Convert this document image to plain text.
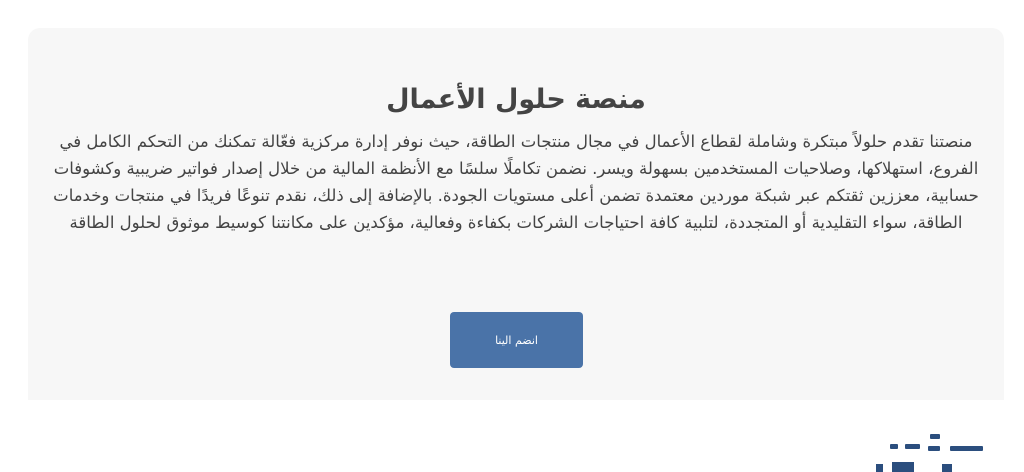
منصة حلول الأعمال

منصتنا تقدم حلولاً مبتكرة وشاملة لقطاع الأعمال في مجال منتجات الطاقة، حيث نوفر إدارة مركزية فعّالة تمكنك من التحكم الكامل في الفروع، استهلاكها، وصلاحيات المستخدمين بسهولة ويسر. نضمن تكاملًا سلسًا مع الأنظمة المالية من خلال إصدار فواتير ضريبية وكشوفات حسابية، معززين ثقتكم عبر شبكة موردين معتمدة تضمن أعلى مستويات الجودة. بالإضافة إلى ذلك، نقدم تنوعًا فريدًا في منتجات وخدمات الطاقة، سواء التقليدية أو المتجددة، لتلبية كافة احتياجات الشركات بكفاءة وفعالية، مؤكدين على مكانتنا كوسيط موثوق لحلول الطاقة

انضم الينا
